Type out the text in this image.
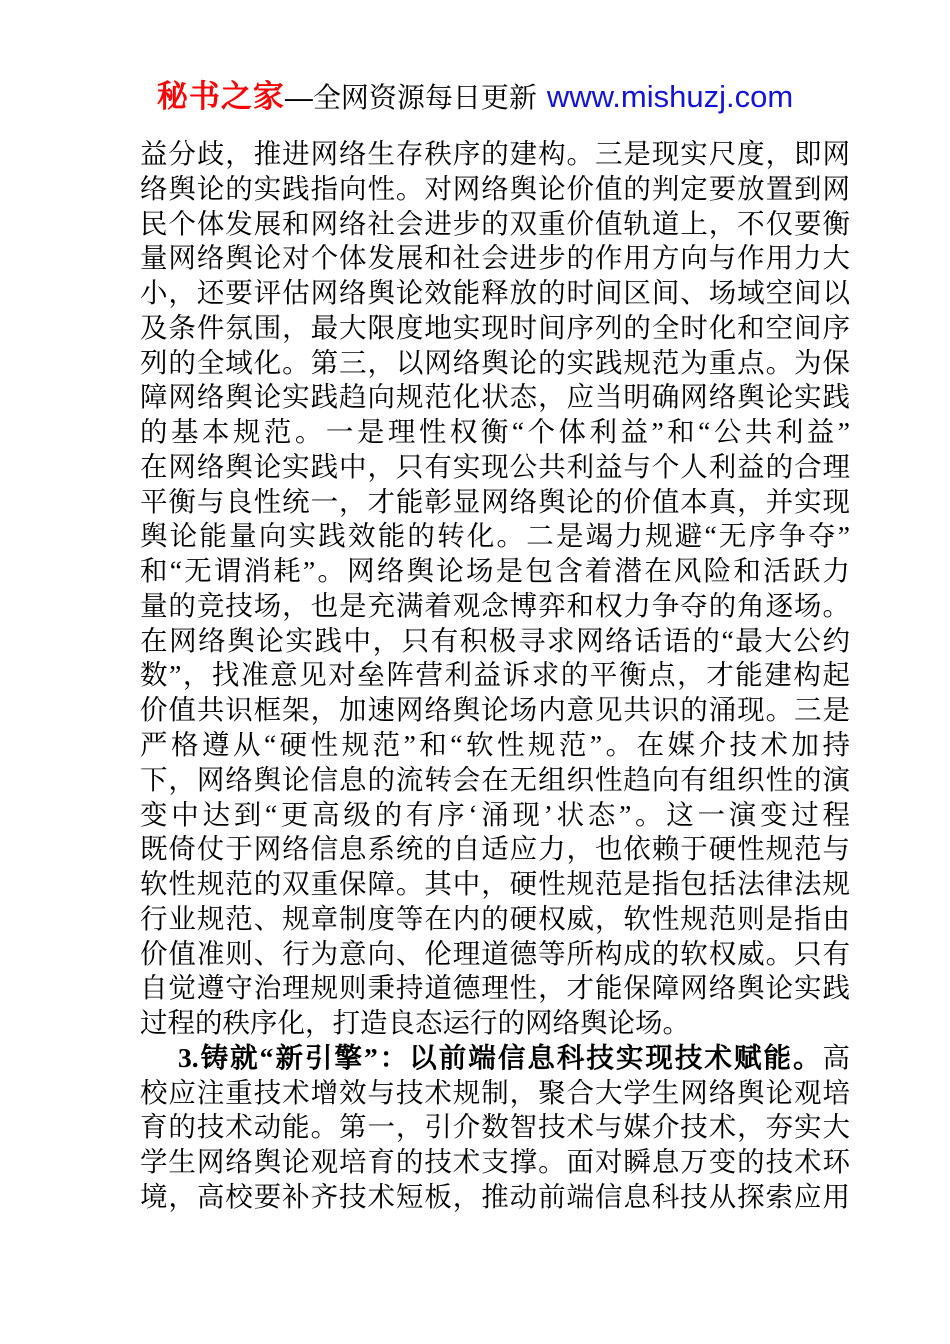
秘书之家—全网资源每日更新 www.mishuzj.com
益分歧，推进网络生存秩序的建构。三是现实尺度，即网
络舆论的实践指向性。对网络舆论价值的判定要放置到网
民个体发展和网络社会进步的双重价值轨道上，不仅要衡
量网络舆论对个体发展和社会进步的作用方向与作用力大
小，还要评估网络舆论效能释放的时间区间、场域空间以
及条件氛围，最大限度地实现时间序列的全时化和空间序
列的全域化。第三，以网络舆论的实践规范为重点。为保
障网络舆论实践趋向规范化状态，应当明确网络舆论实践
的基本规范。一是理性权衡“个体利益”和“公共利益”
在网络舆论实践中，只有实现公共利益与个人利益的合理
平衡与良性统一，才能彰显网络舆论的价值本真，并实现
舆论能量向实践效能的转化。二是竭力规避“无序争夺”
和“无谓消耗”。网络舆论场是包含着潜在风险和活跃力
量的竞技场，也是充满着观念博弈和权力争夺的角逐场。
在网络舆论实践中，只有积极寻求网络话语的“最大公约
数”，找准意见对垒阵营利益诉求的平衡点，才能建构起
价值共识框架，加速网络舆论场内意见共识的涌现。三是
严格遵从“硬性规范”和“软性规范”。在媒介技术加持
下，网络舆论信息的流转会在无组织性趋向有组织性的演
变中达到“更高级的有序‘涌现’状态”。这一演变过程
既倚仗于网络信息系统的自适应力，也依赖于硬性规范与
软性规范的双重保障。其中，硬性规范是指包括法律法规
行业规范、规章制度等在内的硬权威，软性规范则是指由
价值准则、行为意向、伦理道德等所构成的软权威。只有
自觉遵守治理规则秉持道德理性，才能保障网络舆论实践
过程的秩序化，打造良态运行的网络舆论场。
3.铸就“新引擎”：以前端信息科技实现技术赋能。高
校应注重技术增效与技术规制，聚合大学生网络舆论观培
育的技术动能。第一，引介数智技术与媒介技术，夯实大
学生网络舆论观培育的技术支撑。面对瞬息万变的技术环
境，高校要补齐技术短板，推动前端信息科技从探索应用
